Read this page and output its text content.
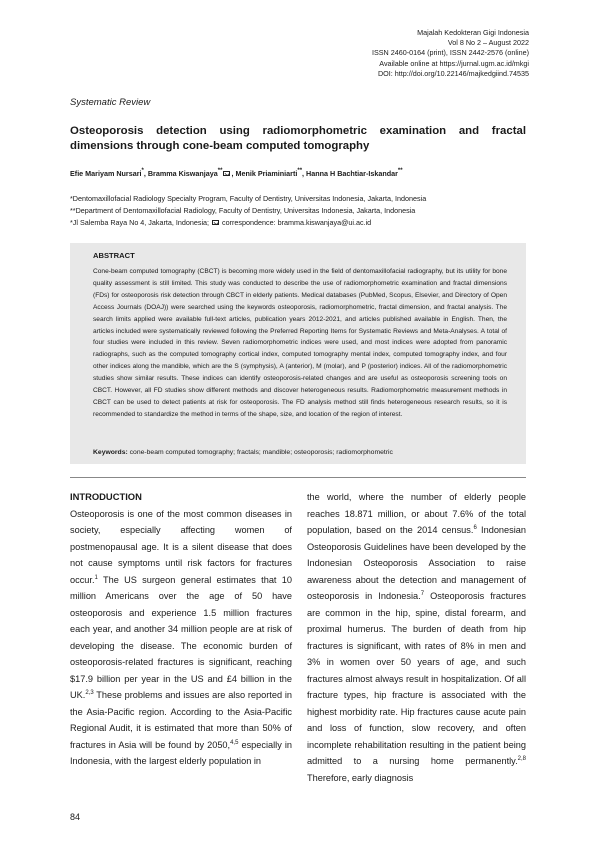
Majalah Kedokteran Gigi Indonesia
Vol 8 No 2 – August 2022
ISSN 2460-0164 (print), ISSN 2442-2576 (online)
Available online at https://jurnal.ugm.ac.id/mkgi
DOI: http://doi.org/10.22146/majkedgiind.74535
Systematic Review
Osteoporosis detection using radiomorphometric examination and fractal dimensions through cone-beam computed tomography
Efie Mariyam Nursari*, Bramma Kiswanjaya** , Menik Priaminiarti**, Hanna H Bachtiar-Iskandar**
*Dentomaxillofacial Radiology Specialty Program, Faculty of Dentistry, Universitas Indonesia, Jakarta, Indonesia
**Department of Dentomaxillofacial Radiology, Faculty of Dentistry, Universitas Indonesia, Jakarta, Indonesia
*Jl Salemba Raya No 4, Jakarta, Indonesia; correspondence: bramma.kiswanjaya@ui.ac.id
ABSTRACT
Cone-beam computed tomography (CBCT) is becoming more widely used in the field of dentomaxillofacial radiography, but its utility for bone quality assessment is still limited. This study was conducted to describe the use of radiomorphometric examination and fractal dimensions (FDs) for osteoporosis risk detection through CBCT in elderly patients. Medical databases (PubMed, Scopus, Elsevier, and Directory of Open Access Journals (DOAJ)) were searched using the keywords osteoporosis, radiomorphometric, fractal dimension, and fractal analysis. The search limits applied were available full-text articles, publication years 2012-2021, and articles published available in English. Then, the articles included were systematically reviewed following the Preferred Reporting Items for Systematic Reviews and Meta-Analyses. A total of four studies were included in this review. Seven radiomorphometric indices were used, and most indices were adopted from panoramic radiographs, such as the computed tomography cortical index, computed tomography mental index, computed tomography index, and four other indices along the mandible, which are the S (symphysis), A (anterior), M (molar), and P (posterior) indices. All of the radiomorphometric studies show similar results. These indices can identify osteoporosis-related changes and are useful as osteoporosis screening tools on CBCT. However, all FD studies show different methods and discover heterogeneous results. Radiomorphometric measurement methods in CBCT can be used to detect patients at risk for osteoporosis. The FD analysis method still finds heterogeneous research results, so it is recommended to standardize the method in terms of the shape, size, and location of the region of interest.
Keywords: cone-beam computed tomography; fractals; mandible; osteoporosis; radiomorphometric
INTRODUCTION
Osteoporosis is one of the most common diseases in society, especially affecting women of postmenopausal age. It is a silent disease that does not cause symptoms until risk factors for fractures occur.$^1$ The US surgeon general estimates that 10 million Americans over the age of 50 have osteoporosis and experience 1.5 million fractures each year, and another 34 million people are at risk of developing the disease. The economic burden of osteoporosis-related fractures is significant, reaching $17.9 billion per year in the US and £4 billion in the UK.$^{2,3}$ These problems and issues are also reported in the Asia-Pacific region. According to the Asia-Pacific Regional Audit, it is estimated that more than 50% of fractures in Asia will be found by 2050,$^{4,5}$ especially in Indonesia, with the largest elderly population in
the world, where the number of elderly people reaches 18.871 million, or about 7.6% of the total population, based on the 2014 census.$^6$ Indonesian Osteoporosis Guidelines have been developed by the Indonesian Osteoporosis Association to raise awareness about the detection and management of osteoporosis in Indonesia.$^7$ Osteoporosis fractures are common in the hip, spine, distal forearm, and proximal humerus. The burden of death from hip fractures is significant, with rates of 8% in men and 3% in women over 50 years of age, and such fractures almost always result in hospitalization. Of all fracture types, hip fracture is associated with the highest morbidity rate. Hip fractures cause acute pain and loss of function, slow recovery, and often incomplete rehabilitation resulting in the patient being admitted to a nursing home permanently.$^{2,8}$ Therefore, early diagnosis
84
